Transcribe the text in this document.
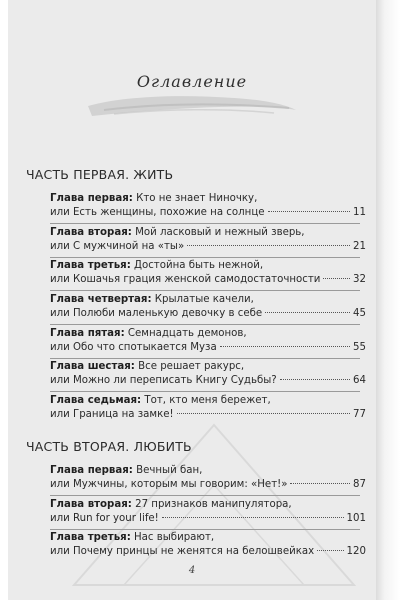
Оглавление
ЧАСТЬ ПЕРВАЯ. ЖИТЬ
Глава первая: Кто не знает Ниночку,
или Есть женщины, похожие на солнце	11
Глава вторая: Мой ласковый и нежный зверь,
или С мужчиной на «ты»	21
Глава третья: Достойна быть нежной,
или Кошачья грация женской самодостаточности	32
Глава четвертая: Крылатые качели,
или Полюби маленькую девочку в себе	45
Глава пятая: Семнадцать демонов,
или Обо что спотыкается Муза	55
Глава шестая: Все решает ракурс,
или Можно ли переписать Книгу Судьбы?	64
Глава седьмая: Тот, кто меня бережет,
или Граница на замке!	77
ЧАСТЬ ВТОРАЯ. ЛЮБИТЬ
Глава первая: Вечный бан,
или Мужчины, которым мы говорим: «Нет!»	87
Глава вторая: 27 признаков манипулятора,
или Run for your life!	101
Глава третья: Нас выбирают,
или Почему принцы не женятся на белошвейках	120
4
